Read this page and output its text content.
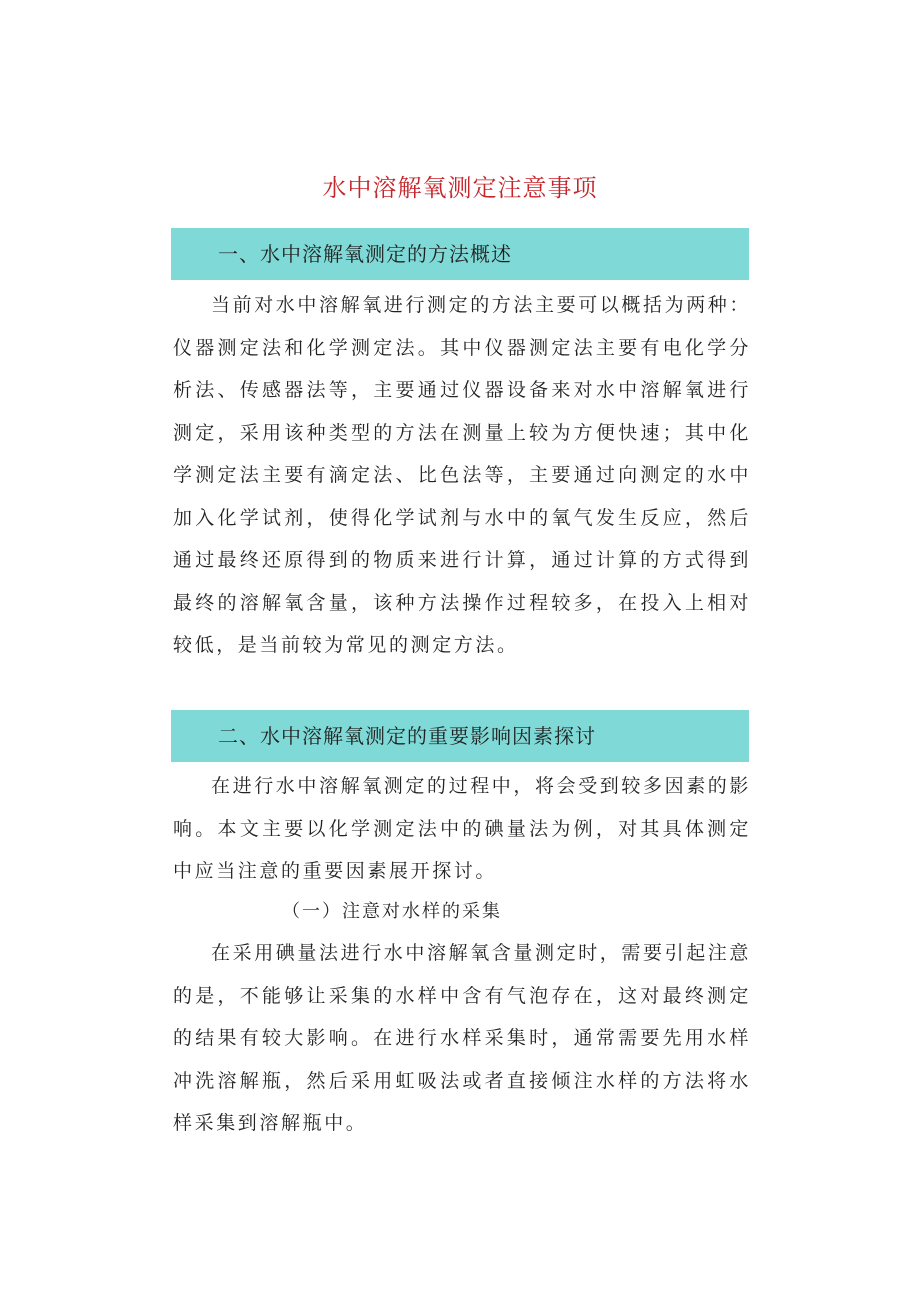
水中溶解氧测定注意事项
一、水中溶解氧测定的方法概述

当前对水中溶解氧进行测定的方法主要可以概括为两种：仪器测定法和化学测定法。其中仪器测定法主要有电化学分析法、传感器法等，主要通过仪器设备来对水中溶解氧进行测定，采用该种类型的方法在测量上较为方便快速；其中化学测定法主要有滴定法、比色法等，主要通过向测定的水中加入化学试剂，使得化学试剂与水中的氧气发生反应，然后通过最终还原得到的物质来进行计算，通过计算的方式得到最终的溶解氧含量，该种方法操作过程较多，在投入上相对较低，是当前较为常见的测定方法。

二、水中溶解氧测定的重要影响因素探讨

在进行水中溶解氧测定的过程中，将会受到较多因素的影响。本文主要以化学测定法中的碘量法为例，对其具体测定中应当注意的重要因素展开探讨。

（一）注意对水样的采集

在采用碘量法进行水中溶解氧含量测定时，需要引起注意的是，不能够让采集的水样中含有气泡存在，这对最终测定的结果有较大影响。在进行水样采集时，通常需要先用水样冲洗溶解瓶，然后采用虹吸法或者直接倾注水样的方法将水样采集到溶解瓶中。
